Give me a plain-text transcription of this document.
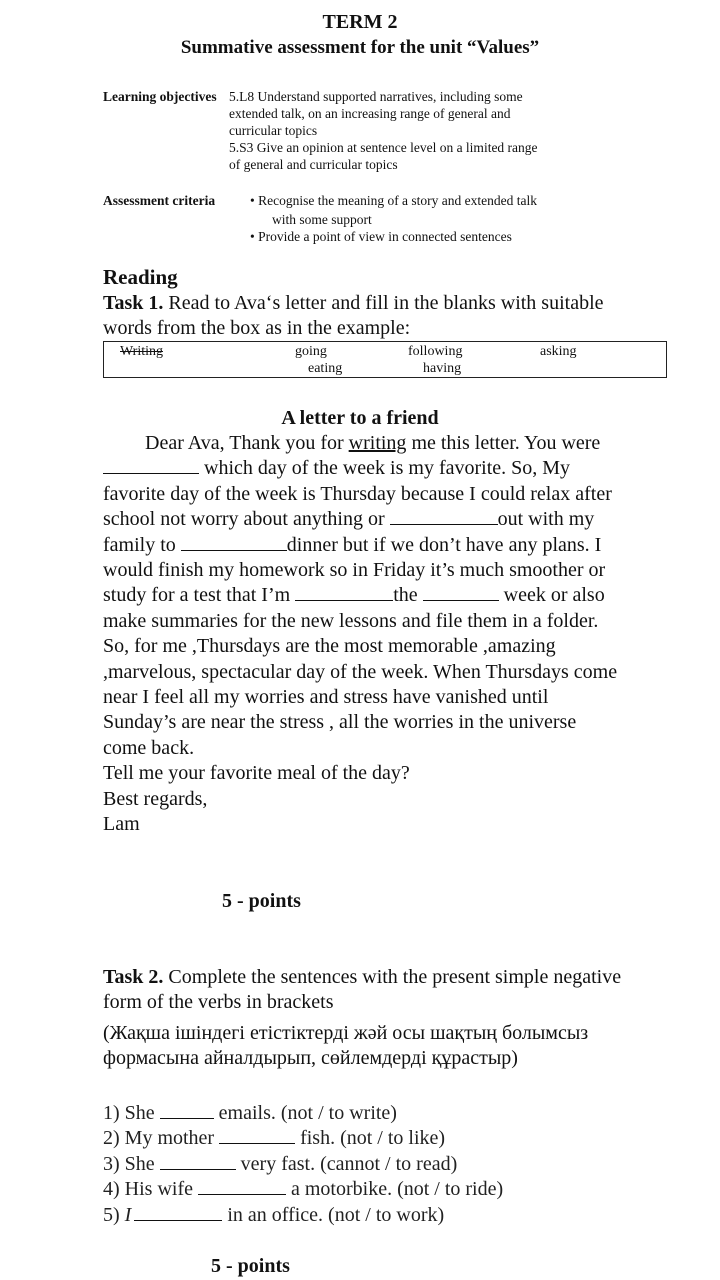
TERM 2
Summative assessment for the unit “Values”
Learning objectives 5.L8 Understand supported narratives, including some
extended talk, on an increasing range of general and
curricular topics
5.S3 Give an opinion at sentence level on a limited range
of general and curricular topics
Assessment criteria	• Recognise the meaning of a story and extended talk
with some support
• Provide a point of view in connected sentences
Reading
Task 1. Read to Ava‘s letter and fill in the blanks with suitable
words from the box as in the example:
Writing	going	following	asking
eating	having
A letter to a friend

Dear Ava, Thank you for writing me this letter. You were

which day of the week is my favorite. So, My

favorite day of the week is Thursday because I could relax after

school not worry about anything or	out with my

family to	dinner but if we don’t have any plans. I

would finish my homework so in Friday it’s much smoother or

study for a test that I’m	the	week or also

make summaries for the new lessons and file them in a folder.

So, for me ,Thursdays are the most memorable ,amazing

,marvelous, spectacular day of the week. When Thursdays come

near I feel all my worries and stress have vanished until

Sunday’s are near the stress , all the worries in the universe

come back.

Tell me your favorite meal of the day?

Best regards,

Lam

5 - points
Task 2. Complete the sentences with the present simple negative
form of the verbs in brackets
(Жақша ішіндегі етістіктерді жәй осы шақтың болымсыз
формасына айналдырып, сөйлемдерді құрастыр)
1) She	emails. (not / to write)
2) My mother	fish. (not / to like)
3) She	very fast. (cannot / to read)
4) His wife	a motorbike. (not / to ride)
5) I	in an office. (not / to work)
5 - points
